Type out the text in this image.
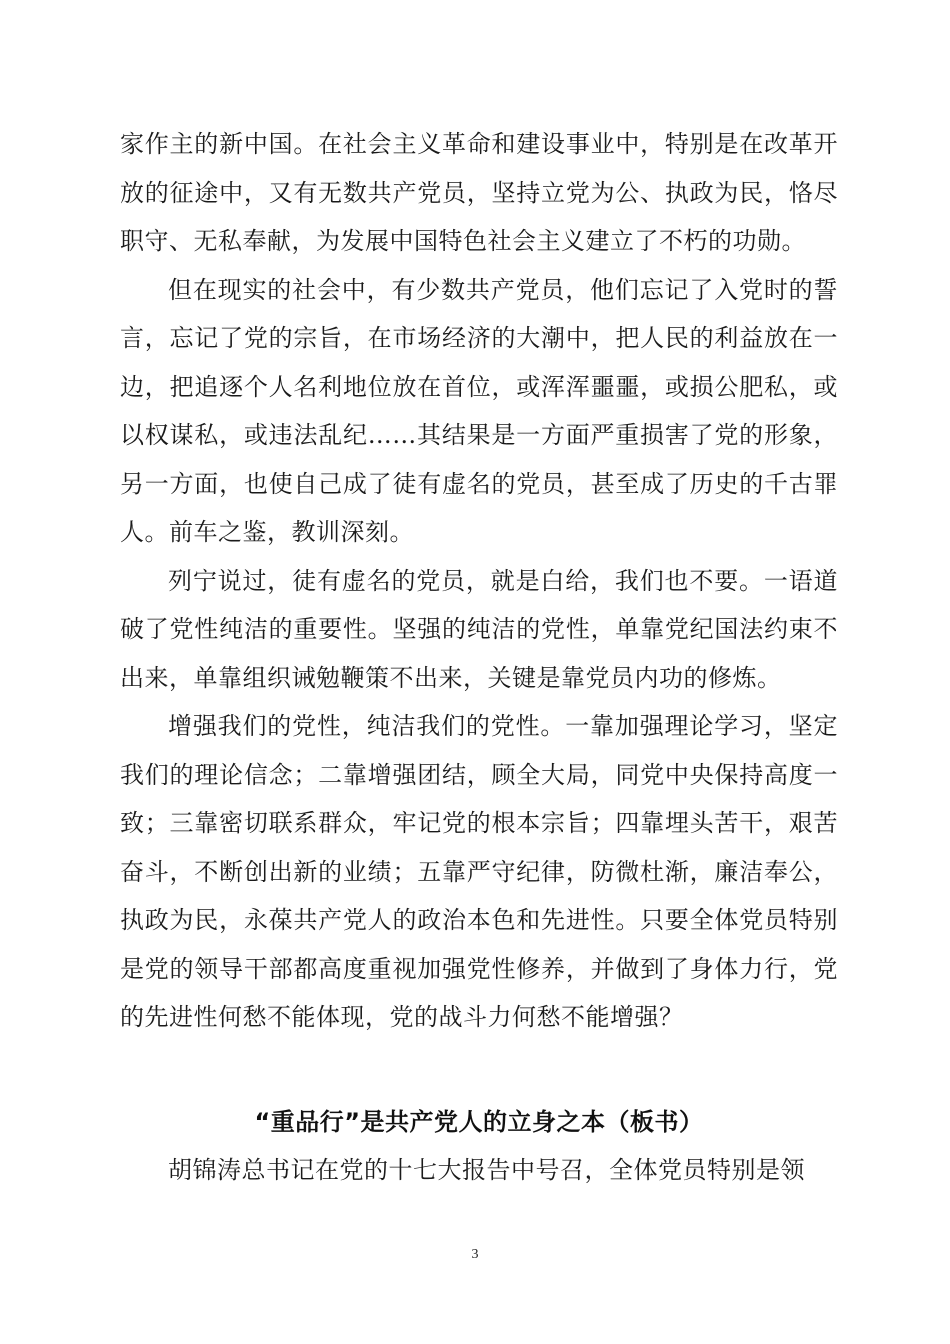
家作主的新中国。在社会主义革命和建设事业中，特别是在改革开放的征途中，又有无数共产党员，坚持立党为公、执政为民，恪尽职守、无私奉献，为发展中国特色社会主义建立了不朽的功勋。

但在现实的社会中，有少数共产党员，他们忘记了入党时的誓言，忘记了党的宗旨，在市场经济的大潮中，把人民的利益放在一边，把追逐个人名利地位放在首位，或浑浑噩噩，或损公肥私，或以权谋私，或违法乱纪……其结果是一方面严重损害了党的形象，另一方面，也使自己成了徒有虚名的党员，甚至成了历史的千古罪人。前车之鉴，教训深刻。

列宁说过，徒有虚名的党员，就是白给，我们也不要。一语道破了党性纯洁的重要性。坚强的纯洁的党性，单靠党纪国法约束不出来，单靠组织诫勉鞭策不出来，关键是靠党员内功的修炼。

增强我们的党性，纯洁我们的党性。一靠加强理论学习，坚定我们的理论信念；二靠增强团结，顾全大局，同党中央保持高度一致；三靠密切联系群众，牢记党的根本宗旨；四靠埋头苦干，艰苦奋斗，不断创出新的业绩；五靠严守纪律，防微杜渐，廉洁奉公，执政为民，永葆共产党人的政治本色和先进性。只要全体党员特别是党的领导干部都高度重视加强党性修养，并做到了身体力行，党的先进性何愁不能体现，党的战斗力何愁不能增强？

“重品行”是共产党人的立身之本（板书）

胡锦涛总书记在党的十七大报告中号召，全体党员特别是领

3
